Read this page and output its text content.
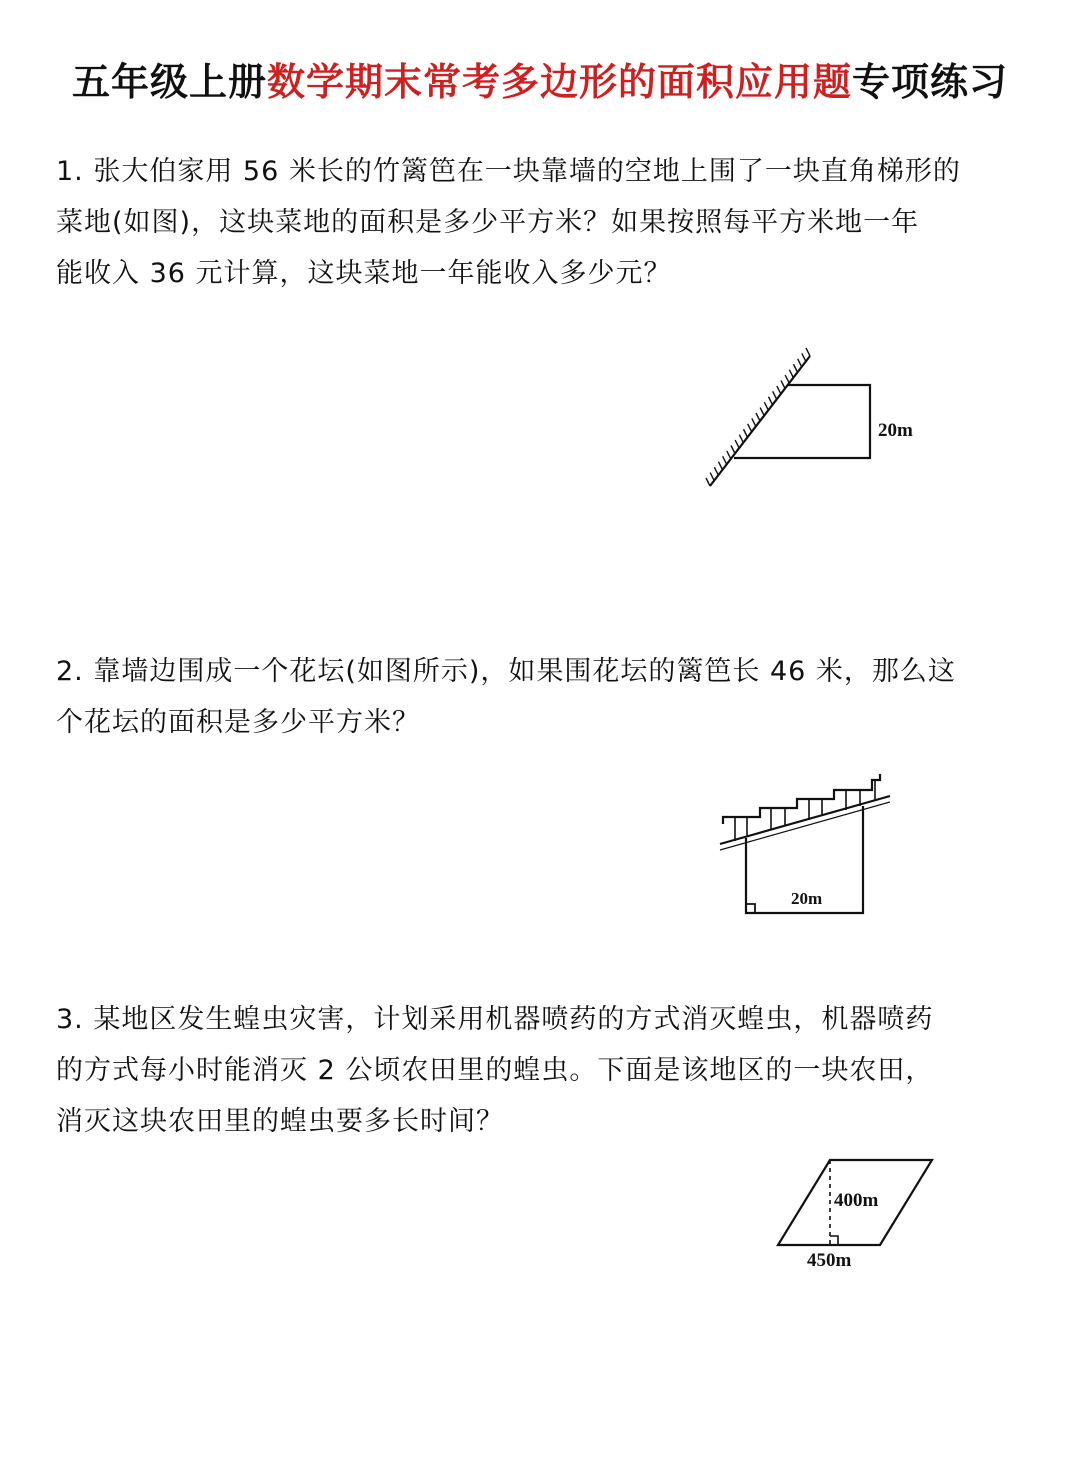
五年级上册数学期末常考多边形的面积应用题专项练习

1. 张大伯家用 56 米长的竹篱笆在一块靠墙的空地上围了一块直角梯形的

菜地(如图)，这块菜地的面积是多少平方米？如果按照每平方米地一年

能收入 36 元计算，这块菜地一年能收入多少元？

20m

2. 靠墙边围成一个花坛(如图所示)，如果围花坛的篱笆长 46 米，那么这

个花坛的面积是多少平方米？

20m

3. 某地区发生蝗虫灾害，计划采用机器喷药的方式消灭蝗虫，机器喷药

的方式每小时能消灭 2 公顷农田里的蝗虫。下面是该地区的一块农田，

消灭这块农田里的蝗虫要多长时间？

400m
450m
